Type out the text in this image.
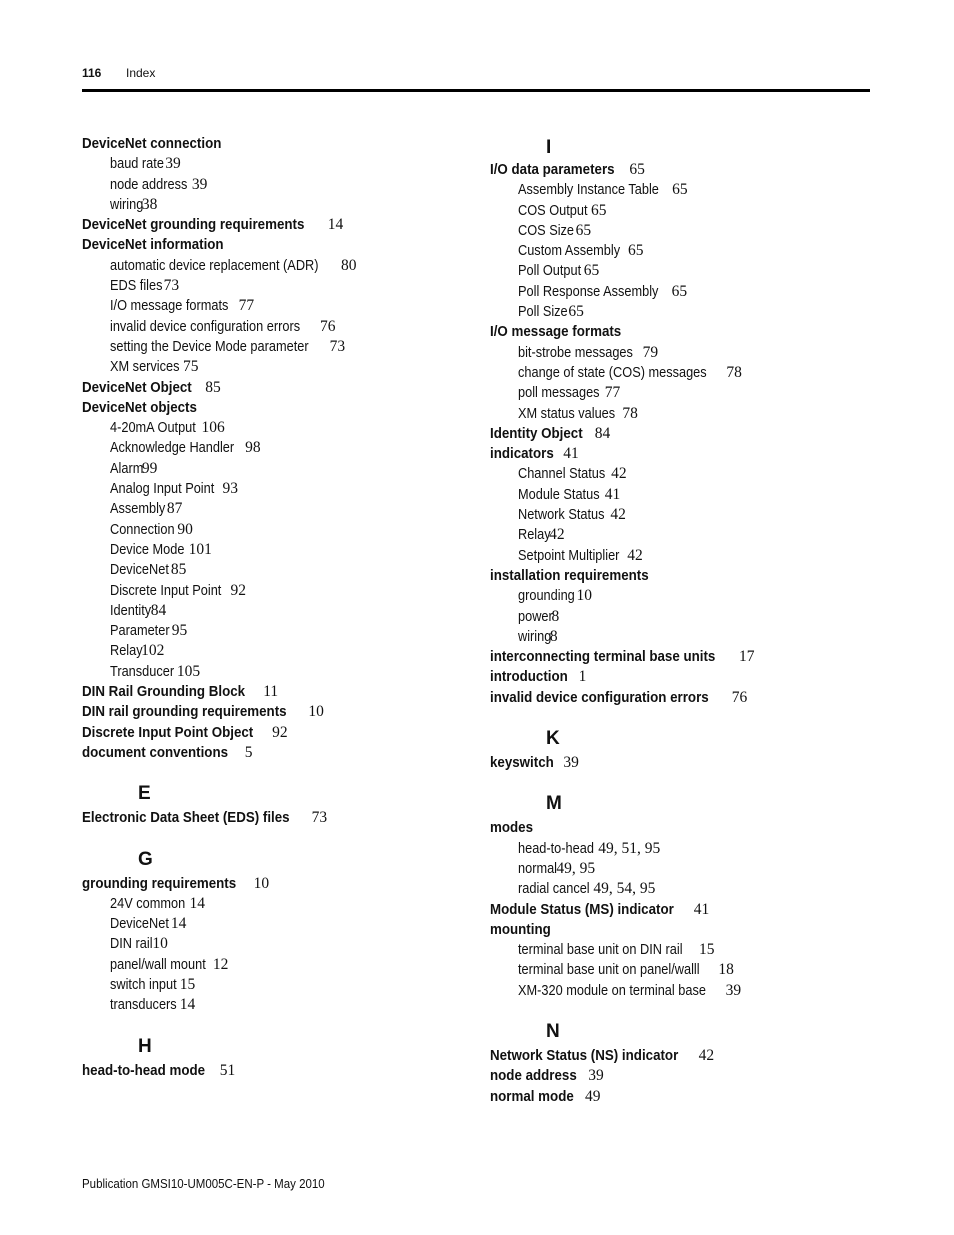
116 Index
DeviceNet connection
baud rate39
node address 39
wiring38
DeviceNet grounding requirements 14
DeviceNet information
automatic device replacement (ADR) 80
EDS files73
I/O message formats 77
invalid device configuration errors 76
setting the Device Mode parameter 73
XM services 75
DeviceNet Object 85
DeviceNet objects
4-20mA Output 106
Acknowledge Handler 98
Alarm99
Analog Input Point 93
Assembly87
Connection 90
Device Mode 101
DeviceNet 85
Discrete Input Point 92
Identity84
Parameter 95
Relay102
Transducer 105
DIN Rail Grounding Block 11
DIN rail grounding requirements 10
Discrete Input Point Object 92
document conventions 5
E
Electronic Data Sheet (EDS) files 73
G
grounding requirements 10
24V common 14
DeviceNet 14
DIN rail10
panel/wall mount 12
switch input 15
transducers 14
H
head-to-head mode 51
I
I/O data parameters 65
Assembly Instance Table 65
COS Output 65
COS Size 65
Custom Assembly 65
Poll Output 65
Poll Response Assembly 65
Poll Size65
I/O message formats
bit-strobe messages 79
change of state (COS) messages 78
poll messages 77
XM status values 78
Identity Object 84
indicators 41
Channel Status 42
Module Status 41
Network Status 42
Relay42
Setpoint Multiplier 42
installation requirements
grounding 10
power8
wiring8
interconnecting terminal base units 17
introduction 1
invalid device configuration errors 76
K
keyswitch 39
M
modes
head-to-head 49, 51, 95
normal49, 95
radial cancel 49, 54, 95
Module Status (MS) indicator 41
mounting
terminal base unit on DIN rail 15
terminal base unit on panel/walll 18
XM-320 module on terminal base 39
N
Network Status (NS) indicator 42
node address 39
normal mode 49
Publication GMSI10-UM005C-EN-P - May 2010
